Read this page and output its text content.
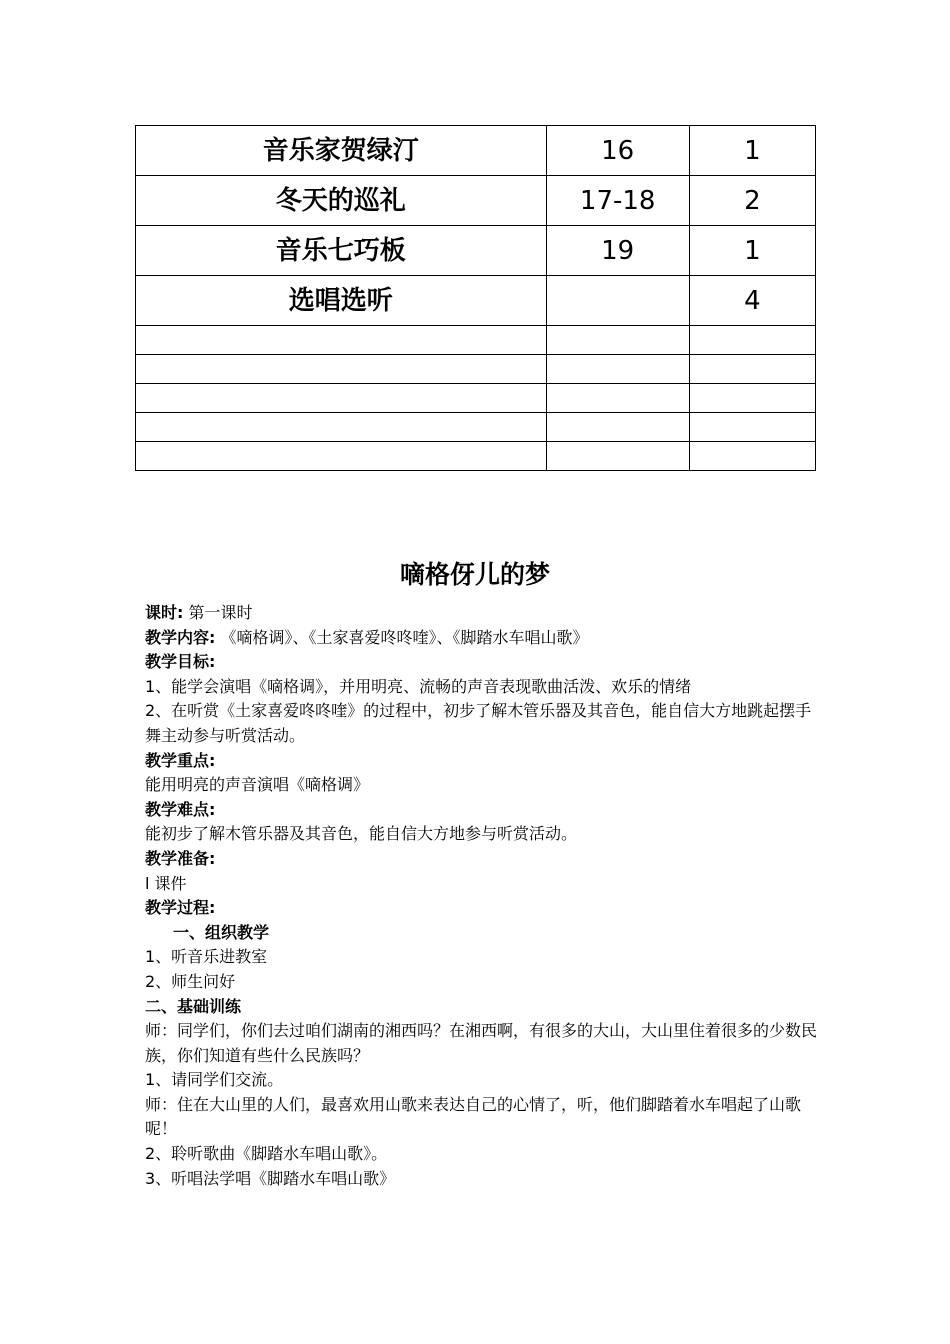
音乐家贺绿汀	16	1
冬天的巡礼	17-18	2
音乐七巧板	19	1
选唱选听		4

嘀格伢儿的梦
课时: 第一课时
教学内容: 《嘀格调》、《土家喜爱咚咚喹》、《脚踏水车唱山歌》
教学目标:
1、能学会演唱《嘀格调》，并用明亮、流畅的声音表现歌曲活泼、欢乐的情绪
2、在听赏《土家喜爱咚咚喹》的过程中，初步了解木管乐器及其音色，能自信大方地跳起摆手舞主动参与听赏活动。
教学重点:
能用明亮的声音演唱《嘀格调》
教学难点:
能初步了解木管乐器及其音色，能自信大方地参与听赏活动。
教学准备:
l 课件
教学过程:
一、组织教学
1、听音乐进教室
2、师生问好
二、基础训练
师：同学们，你们去过咱们湖南的湘西吗？在湘西啊，有很多的大山，大山里住着很多的少数民族，你们知道有些什么民族吗？
1、请同学们交流。
师：住在大山里的人们，最喜欢用山歌来表达自己的心情了，听，他们脚踏着水车唱起了山歌呢！
2、聆听歌曲《脚踏水车唱山歌》。
3、听唱法学唱《脚踏水车唱山歌》
